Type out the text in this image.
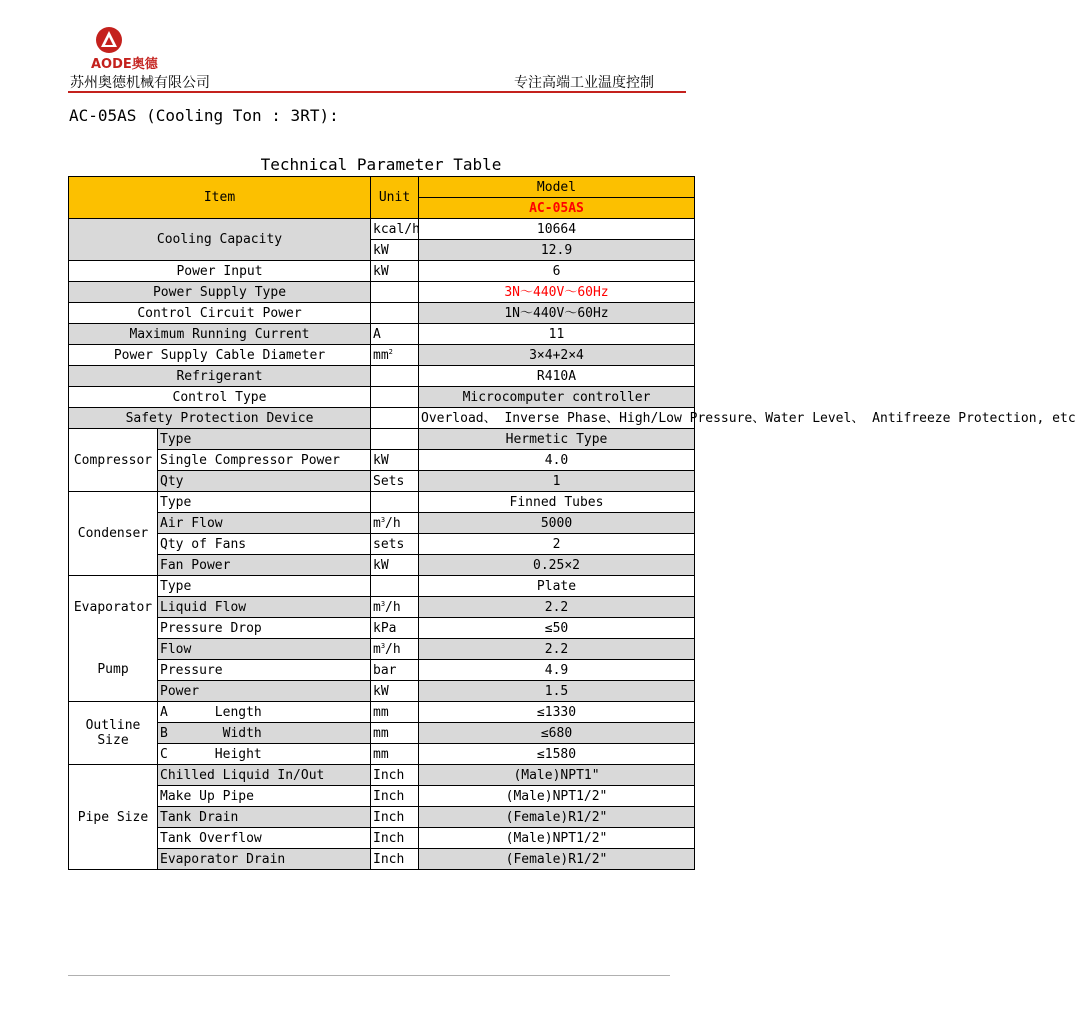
AODE奥德
苏州奥德机械有限公司	专注高端工业温度控制
AC-05AS (Cooling Ton : 3RT):
Technical Parameter Table
Item		Unit	Model
			AC-05AS
Cooling Capacity		kcal/h	10664
		kW	12.9
Power Input		kW	6
Power Supply Type			3N～440V～60Hz
Control Circuit Power			1N～440V～60Hz
Maximum Running Current		A	11
Power Supply Cable Diameter		$mm^2$	3×4+2×4
Refrigerant			R410A
Control Type			Microcomputer controller
Safety Protection Device			Overload、 Inverse Phase、High/Low Pressure、Water Level、 Antifreeze Protection, etc
Compressor	Type		Hermetic Type
	Single Compressor Power	kW	4.0
	Qty	Sets	1
Condenser	Type		Finned Tubes
	Air Flow	$m^3/h$	5000
	Qty of Fans	sets	2
	Fan Power	kW	0.25×2
Evaporator	Type		Plate
	Liquid Flow	$m^3/h$	2.2
	Pressure Drop	kPa	≤50
Pump	Flow	$m^3/h$	2.2
	Pressure	bar	4.9
	Power	kW	1.5

Outline
Size	A      Length	mm	≤1330
	B       Width	mm	≤680
	C      Height	mm	≤1580
Pipe Size	Chilled Liquid In/Out	Inch	(Male)NPT1"
	Make Up Pipe	Inch	(Male)NPT1/2"
	Tank Drain	Inch	(Female)R1/2"
	Tank Overflow	Inch	(Male)NPT1/2"
	Evaporator Drain	Inch	(Female)R1/2"
